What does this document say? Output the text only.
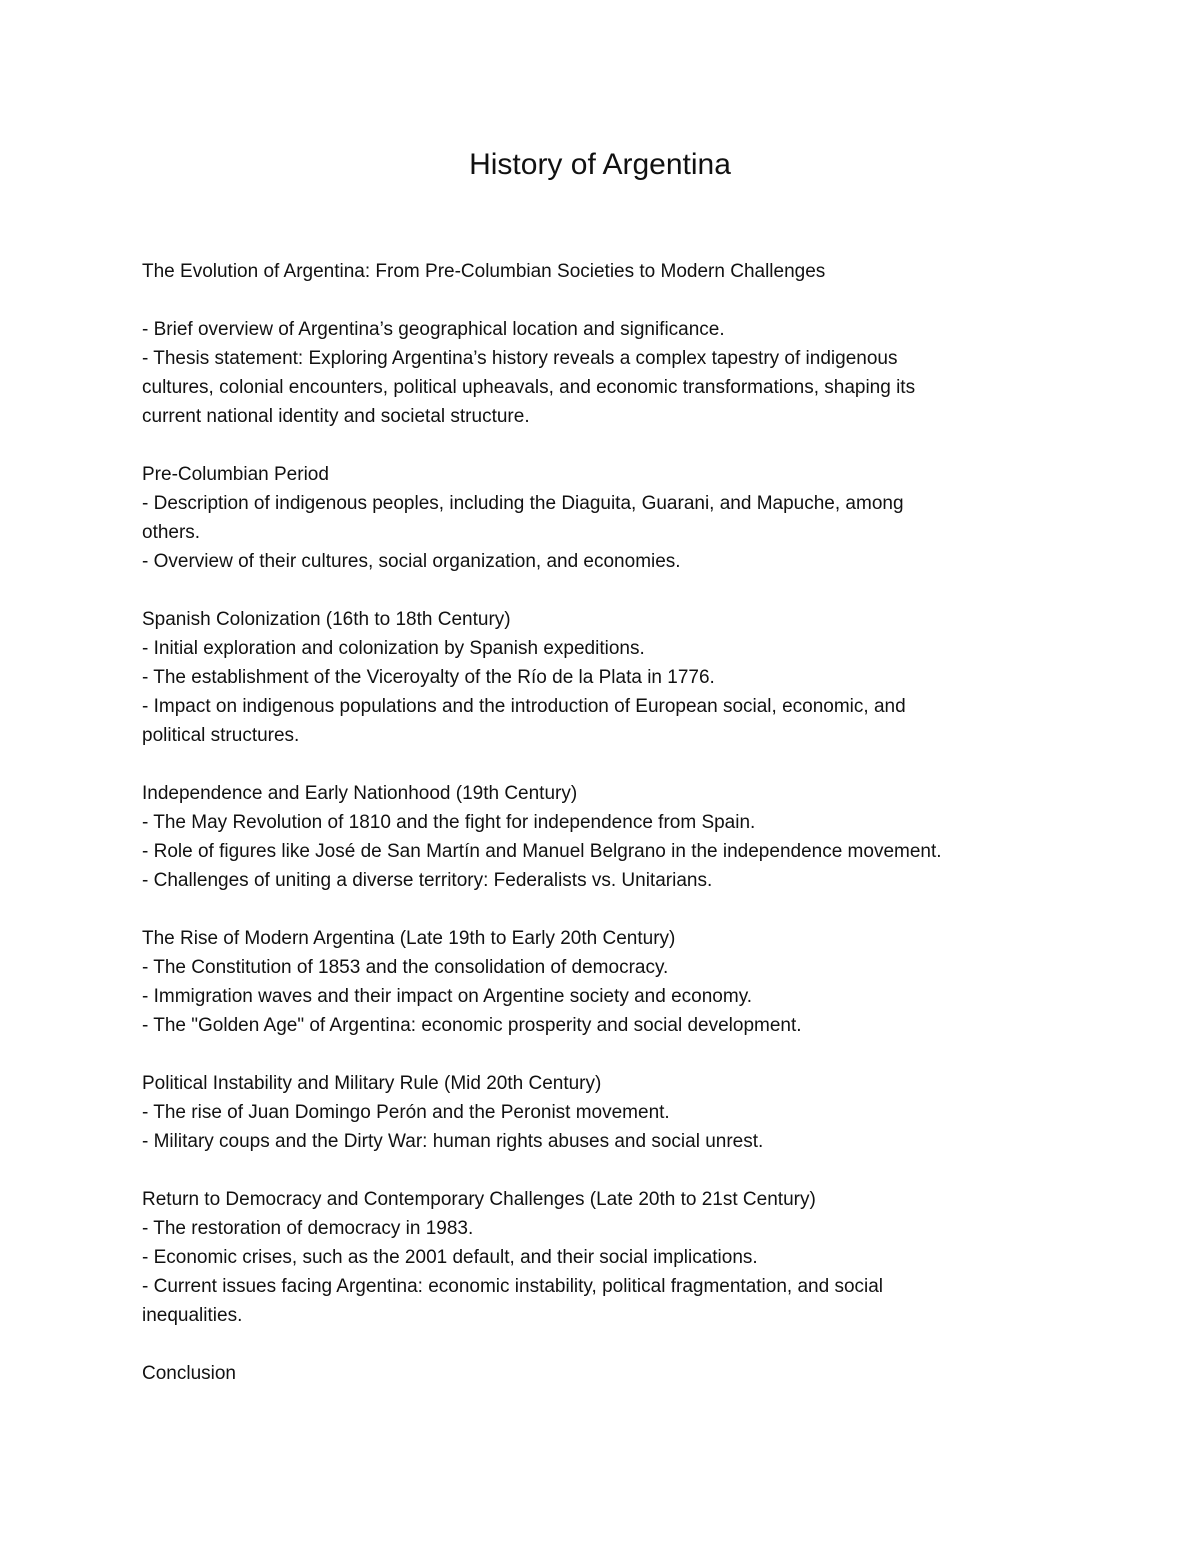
History of Argentina
The Evolution of Argentina: From Pre-Columbian Societies to Modern Challenges
- Brief overview of Argentina’s geographical location and significance.
- Thesis statement: Exploring Argentina’s history reveals a complex tapestry of indigenous
cultures, colonial encounters, political upheavals, and economic transformations, shaping its
current national identity and societal structure.
Pre-Columbian Period
- Description of indigenous peoples, including the Diaguita, Guarani, and Mapuche, among
others.
- Overview of their cultures, social organization, and economies.
Spanish Colonization (16th to 18th Century)
- Initial exploration and colonization by Spanish expeditions.
- The establishment of the Viceroyalty of the Río de la Plata in 1776.
- Impact on indigenous populations and the introduction of European social, economic, and
political structures.
Independence and Early Nationhood (19th Century)
- The May Revolution of 1810 and the fight for independence from Spain.
- Role of figures like José de San Martín and Manuel Belgrano in the independence movement.
- Challenges of uniting a diverse territory: Federalists vs. Unitarians.
The Rise of Modern Argentina (Late 19th to Early 20th Century)
- The Constitution of 1853 and the consolidation of democracy.
- Immigration waves and their impact on Argentine society and economy.
- The "Golden Age" of Argentina: economic prosperity and social development.
Political Instability and Military Rule (Mid 20th Century)
- The rise of Juan Domingo Perón and the Peronist movement.
- Military coups and the Dirty War: human rights abuses and social unrest.
Return to Democracy and Contemporary Challenges (Late 20th to 21st Century)
- The restoration of democracy in 1983.
- Economic crises, such as the 2001 default, and their social implications.
- Current issues facing Argentina: economic instability, political fragmentation, and social
inequalities.
Conclusion
